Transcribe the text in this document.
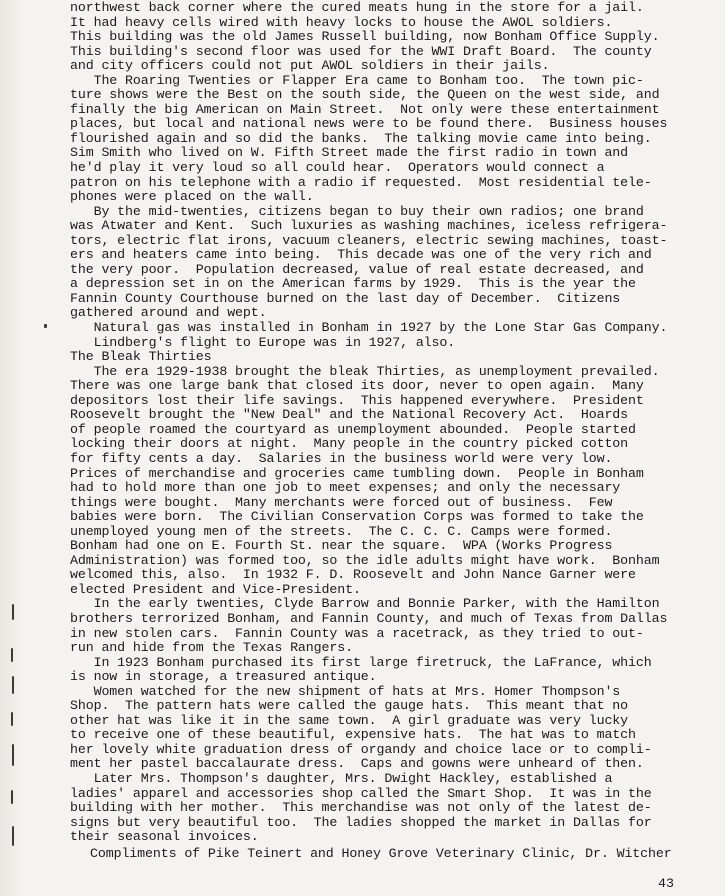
northwest back corner where the cured meats hung in the store for a jail.
It had heavy cells wired with heavy locks to house the AWOL soldiers.
This building was the old James Russell building, now Bonham Office Supply.
This building's second floor was used for the WWI Draft Board.  The county
and city officers could not put AWOL soldiers in their jails.
The Roaring Twenties or Flapper Era came to Bonham too.  The town pic-
ture shows were the Best on the south side, the Queen on the west side, and
finally the big American on Main Street.  Not only were these entertainment
places, but local and national news were to be found there.  Business houses
flourished again and so did the banks.  The talking movie came into being.
Sim Smith who lived on W. Fifth Street made the first radio in town and
he'd play it very loud so all could hear.  Operators would connect a
patron on his telephone with a radio if requested.  Most residential tele-
phones were placed on the wall.
By the mid-twenties, citizens began to buy their own radios; one brand
was Atwater and Kent.  Such luxuries as washing machines, iceless refrigera-
tors, electric flat irons, vacuum cleaners, electric sewing machines, toast-
ers and heaters came into being.  This decade was one of the very rich and
the very poor.  Population decreased, value of real estate decreased, and
a depression set in on the American farms by 1929.  This is the year the
Fannin County Courthouse burned on the last day of December.  Citizens
gathered around and wept.
Natural gas was installed in Bonham in 1927 by the Lone Star Gas Company.
Lindberg's flight to Europe was in 1927, also.
The Bleak Thirties
The era 1929-1938 brought the bleak Thirties, as unemployment prevailed.
There was one large bank that closed its door, never to open again.  Many
depositors lost their life savings.  This happened everywhere.  President
Roosevelt brought the "New Deal" and the National Recovery Act.  Hoards
of people roamed the courtyard as unemployment abounded.  People started
locking their doors at night.  Many people in the country picked cotton
for fifty cents a day.  Salaries in the business world were very low.
Prices of merchandise and groceries came tumbling down.  People in Bonham
had to hold more than one job to meet expenses; and only the necessary
things were bought.  Many merchants were forced out of business.  Few
babies were born.  The Civilian Conservation Corps was formed to take the
unemployed young men of the streets.  The C. C. C. Camps were formed.
Bonham had one on E. Fourth St. near the square.  WPA (Works Progress
Administration) was formed too, so the idle adults might have work.  Bonham
welcomed this, also.  In 1932 F. D. Roosevelt and John Nance Garner were
elected President and Vice-President.
In the early twenties, Clyde Barrow and Bonnie Parker, with the Hamilton
brothers terrorized Bonham, and Fannin County, and much of Texas from Dallas
in new stolen cars.  Fannin County was a racetrack, as they tried to out-
run and hide from the Texas Rangers.
In 1923 Bonham purchased its first large firetruck, the LaFrance, which
is now in storage, a treasured antique.
Women watched for the new shipment of hats at Mrs. Homer Thompson's
Shop.  The pattern hats were called the gauge hats.  This meant that no
other hat was like it in the same town.  A girl graduate was very lucky
to receive one of these beautiful, expensive hats.  The hat was to match
her lovely white graduation dress of organdy and choice lace or to compli-
ment her pastel baccalaurate dress.  Caps and gowns were unheard of then.
Later Mrs. Thompson's daughter, Mrs. Dwight Hackley, established a
ladies' apparel and accessories shop called the Smart Shop.  It was in the
building with her mother.  This merchandise was not only of the latest de-
signs but very beautiful too.  The ladies shopped the market in Dallas for
their seasonal invoices.
Compliments of Pike Teinert and Honey Grove Veterinary Clinic, Dr. Witcher
43
